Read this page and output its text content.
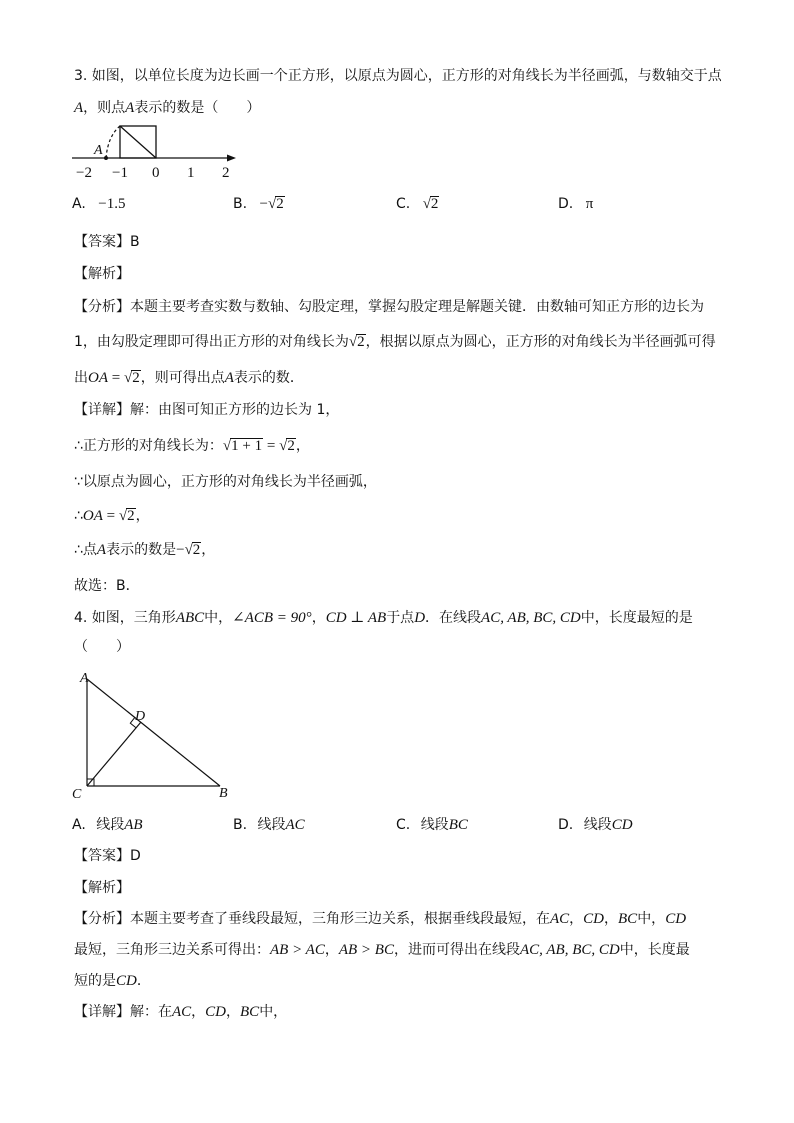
3. 如图，以单位长度为边长画一个正方形，以原点为圆心，正方形的对角线长为半径画弧，与数轴交于点
A，则点A表示的数是（　　）
A
−2 −1 0 1 2
A. −1.5	B. −√2	C. √2	D. π
【答案】B
【解析】
【分析】本题主要考查实数与数轴、勾股定理，掌握勾股定理是解题关键．由数轴可知正方形的边长为
1，由勾股定理即可得出正方形的对角线长为√2，根据以原点为圆心，正方形的对角线长为半径画弧可得
出OA = √2，则可得出点A表示的数．
【详解】解：由图可知正方形的边长为 1，
∴正方形的对角线长为：√1 + 1 = √2，
∵以原点为圆心，正方形的对角线长为半径画弧，
∴OA = √2，
∴点A表示的数是−√2，
故选：B．
4. 如图，三角形ABC中，∠ACB = 90°，CD ⊥ AB于点D．在线段AC, AB, BC, CD中，长度最短的是
（　　）
A
D
C	B
A. 线段AB	B. 线段AC	C. 线段BC	D. 线段CD
【答案】D
【解析】
【分析】本题主要考查了垂线段最短，三角形三边关系，根据垂线段最短，在AC，CD，BC中，CD
最短，三角形三边关系可得出：AB > AC，AB > BC，进而可得出在线段AC, AB, BC, CD中，长度最
短的是CD．
【详解】解：在AC，CD，BC中，
